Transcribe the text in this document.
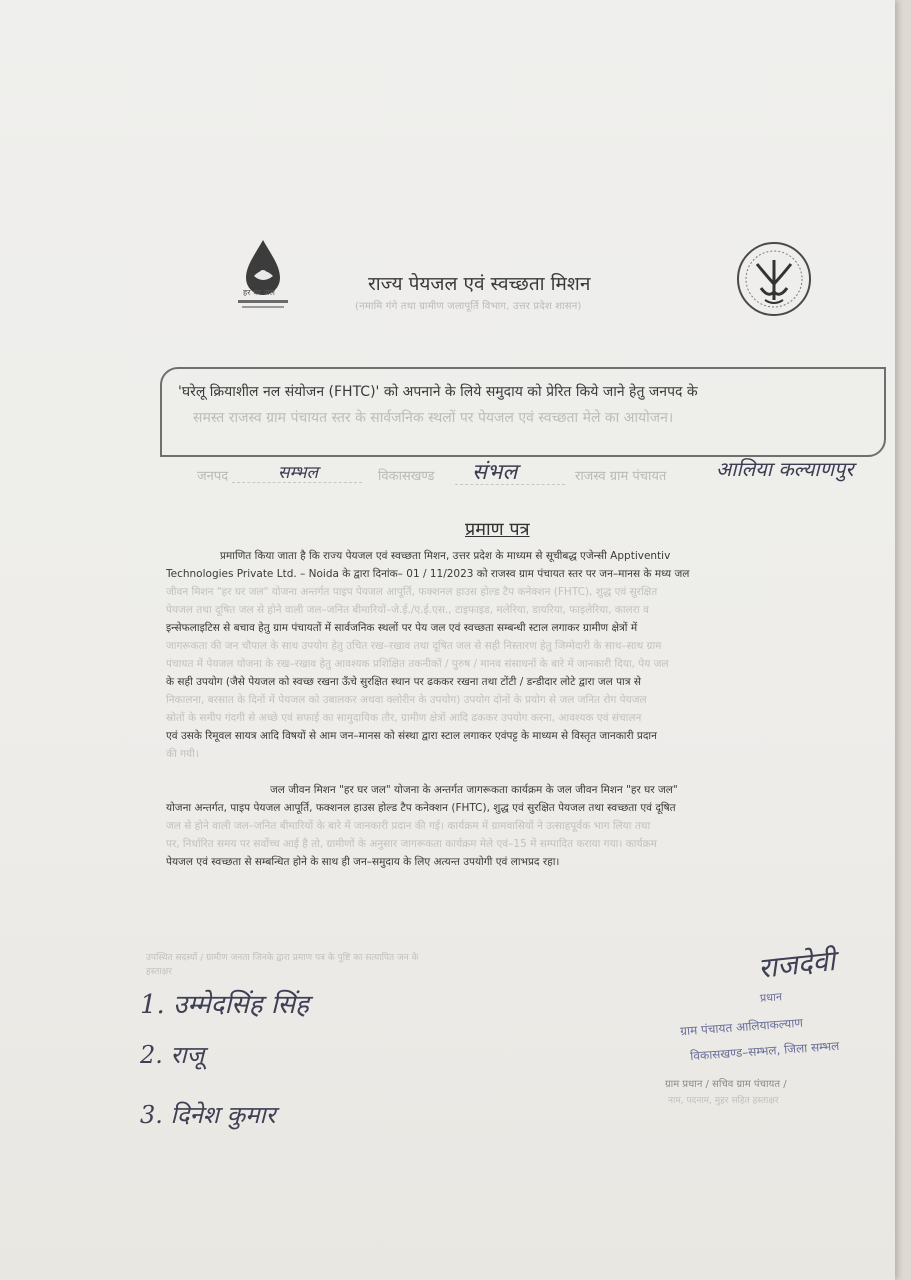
हर घर जल	राज्य पेयजल एवं स्वच्छता मिशन
(नमामि गंगे तथा ग्रामीण जलापूर्ति विभाग, उत्तर प्रदेश शासन)
'घरेलू क्रियाशील नल संयोजन (FHTC)' को अपनाने के लिये समुदाय को प्रेरित किये जाने हेतु जनपद के
समस्त राजस्व ग्राम पंचायत स्तर के सार्वजनिक स्थलों पर पेयजल एवं स्वच्छता मेले का आयोजन।
जनपद	सम्भल	विकासखण्ड संभल	राजस्व ग्राम पंचायत आलिया कल्याणपुर
प्रमाण पत्र
प्रमाणित किया जाता है कि राज्य पेयजल एवं स्वच्छता मिशन, उत्तर प्रदेश के माध्यम से सूचीबद्ध एजेन्सी Apptiventiv
Technologies Private Ltd. – Noida के द्वारा दिनांक– 01 / 11/2023 को राजस्व ग्राम पंचायत स्तर पर जन–मानस के मध्य जल
जीवन मिशन "हर घर जल" योजना अन्तर्गत पाइप पेयजल आपूर्ति, फक्शनल हाउस होल्ड टैप कनेक्शन (FHTC), शुद्ध एवं सुरक्षित
पेयजल तथा दूषित जल से होने वाली जल–जनित बीमारियों–जे.ई./ए.ई.एस., टाइफाइड, मलेरिया, डायरिया, फाइलेरिया, कालरा व
इन्सेफलाइटिस से बचाव हेतु ग्राम पंचायतों में सार्वजनिक स्थलों पर पेय जल एवं स्वच्छता सम्बन्धी स्टाल लगाकर ग्रामीण क्षेत्रों में
जागरूकता की जन चौपाल के साथ उपयोग हेतु उचित रख–रखाव तथा दूषित जल से सही निस्तारण हेतु जिम्मेदारी के साथ–साथ ग्राम
पंचायत में पेयजल योजना के रख–रखाव हेतु आवश्यक प्रशिक्षित तकनीकों / पुरुष / मानव संसाधनों के बारे में जानकारी दिया, पेय जल
के सही उपयोग (जैसे पेयजल को स्वच्छ रखना ऊँचे सुरक्षित स्थान पर ढककर रखना तथा टोंटी / डन्डीदार लोटे द्वारा जल पात्र से
निकालना, बरसात के दिनों में पेयजल को उबालकर अथवा क्लोरीन के उपयोग) उपयोग दोनों के प्रयोग से जल जनित रोग पेयजल
स्रोतों के समीप गंदगी से अच्छे एवं सफाई का सामुदायिक तौर, ग्रामीण क्षेत्रों आदि ढककर उपयोग करना, आवश्यक एवं संचालन
एवं उसके रिमूवल सायत्र आदि विषयों से आम जन–मानस को संस्था द्वारा स्टाल लगाकर एवंपट्ट के माध्यम से विस्तृत जानकारी प्रदान
की गयी।
जल जीवन मिशन "हर घर जल" योजना के अन्तर्गत जागरूकता कार्यक्रम के जल जीवन मिशन "हर घर जल"
योजना अन्तर्गत, पाइप पेयजल आपूर्ति, फक्शनल हाउस होल्ड टैप कनेक्शन (FHTC), शुद्ध एवं सुरक्षित पेयजल तथा स्वच्छता एवं दूषित
जल से होने वाली जल–जनित बीमारियों के बारे में जानकारी प्रदान की गई। कार्यक्रम में ग्रामवासियों ने उत्साहपूर्वक भाग लिया तथा
पर, निर्धारित समय पर सर्वोच्च आई है तो, ग्रामीणों के अनुसार जागरूकता कार्यक्रम मेले एवं–15 में सम्पादित कराया गया। कार्यक्रम
पेयजल एवं स्वच्छता से सम्बन्धित होने के साथ ही जन–समुदाय के लिए अत्यन्त उपयोगी एवं लाभप्रद रहा।
उपस्थित सदस्यों / ग्रामीण जनता जिनके द्वारा प्रमाण पत्र के पुष्टि का सत्यापित जन के
हस्ताक्षर
1. उम्मेदसिंह सिंह
2. राजू
3. दिनेश कुमार
राजदेवी
प्रधान
ग्राम पंचायत आलियाकल्याण
विकासखण्ड–सम्भल, जिला सम्भल
ग्राम प्रधान / सचिव ग्राम पंचायत /
नाम, पदनाम, मुहर सहित हस्ताक्षर
